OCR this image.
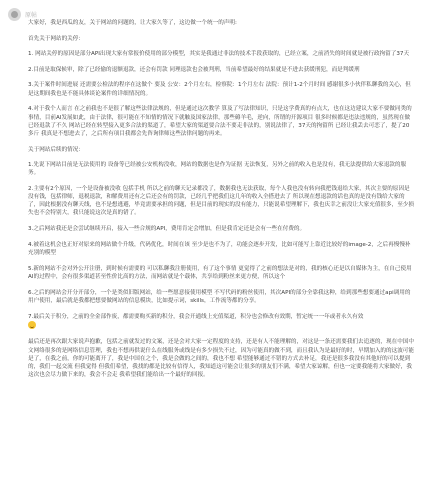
原帖

大家好，我是西瓜的友，关于网站的问题的，让大家久等了，这边做一个统一的声明:

首先关于网站的关停：

1. 网站关停的原因是部分API出现大家有常报价使用的部分模型，其实是我通过非法的技术手段获取的，已经立案，之前消失的时间就是被行政拘留了37天

2.目前是取保候审，除了已经偷的退额退款，还会有罚款 同理退款也会被判刑，当前希望最好的结果就是不进去获缓刑犯，而是判缓刑

3.关于案件时间进展 还需要公检法的程序在这做个 要及 公安：2个月左右，检察院：1个月左右 法院：预计1-2个月时间 感谢很多小伙伴私聊我的关心，但是这期间我也是不能具体谈论案件的详细情况的。

4.对于我个人而言 在之前我也不是很了解这些法律法规的，但是通过这次教学 算及了写法律知识，只是这学费真的有点大，也在这边建议大家不要做同类的事情，目前AI发展如此，由于法律，很可能在不知情的情况下就触及国家法律，那些薅羊毛，逆向，所谓的开源项目 很多时候都是违法违规的，虽然现在做已经退款了不久 网站已经在转型接入更多合法的渠道了，希望大家的渠道要合法不要走非法的，别说法律了，37天的拘留所 已经让我丢去可恋了，提了20多斤 我真是不想进去了，之后所有项目我都会先咨询律师这些法律问题的再来。

关于网站后续的情况：

1.先说下网站目前是无法使用的 设备等已经被公安机构没收，网站的数据也是作为证据 无法恢复，另外之前的收入也是没有，我无法提供给大家退款的服务。

2.主要有2个原因，一个是设备被没收 包括手机 所以之前的聊天记录都没了，数据我也无法获取，每个人我也没有转向我把钱退给大家，其次主要的原因是没有钱，包括律师，退税退款，和解费用还有之后还会有的罚款，已经几乎把我们这几年的收入全搭进去了 所以现在想退款的话也真的是没有钱给大家的了，因此根据没有聊天线，也不是想逃避，毕竟需要承担的问题，但是目前的现实的没有能力，只能说希望理解下，我也庆幸之前没让大家充值很多，至少损失也不会特别大，我只能说这次是真的错了。

3.之后网站我还是会尝试继续开启，接入一些合规的API，费用肯定会增加，但是我肯定还是会有一些在付费的。

4.被着这机会也正好对原来的网站做个升级，代码优化，时间在该 至少是也不为了，功能会逐步开发，比如可能写上靠近比较好的image-2，之后再慢慢补充别的模型

5.新的网站不会对外公开注册，到时候有需要的 可以私聊我注册使用，有了这个事情 更觉得了之前的想法是对的，我的核心还是以自媒体为主，在自己使用AI的过程中，会有很多渠道甚至性价比高的方法，而网站就是个载体，共享给到粉丝来更方便，所以这个

6.之后的网站会开分开部分，一个是类似旧版网站，给一些愿意接使用模型 不写代码的粉丝使用，其次API的部分全靠我这种，给到那些想要通过api调用的用户使用，最后就是我都把想要做网站的信息模块，比如提示词，skills，工作流等都的分享。

7.最后关于积分，之前的全金部作废，都需要购买新的积分，我会开通线上充值渠道，积分也会修改有效期，暂定统一一年或者永久有效

最后还是再次跟大家说声抱歉，包括之前就发过的文案，还是会对大家一定程度的支持，还是有人不能理解的，对这是一条还需要我们去追逐的，现在中国中文网络很多的是网络信息管理，我也不想再供说什么在线服务或线是有多少损失不过，因为可能真的做不到，而且我认为是最好的时，早期加入的的这波可能是了，在我之前，你的可能离开了，我是中国在之个，我是会做的之间的，我也不想 希望能够通过不错的方式去补足，我还是很多我没有其他好的可以提到的，我们一起交流 但我觉得 但我们希望，我找的都是比较有信得人，我知道这可能会让很多的朋友们不满，希望大家谅解，但也一定要我能将大家做好，我这次也会尽力做下来的，我会不会走 我希望我们能给出一个最好的回报。
